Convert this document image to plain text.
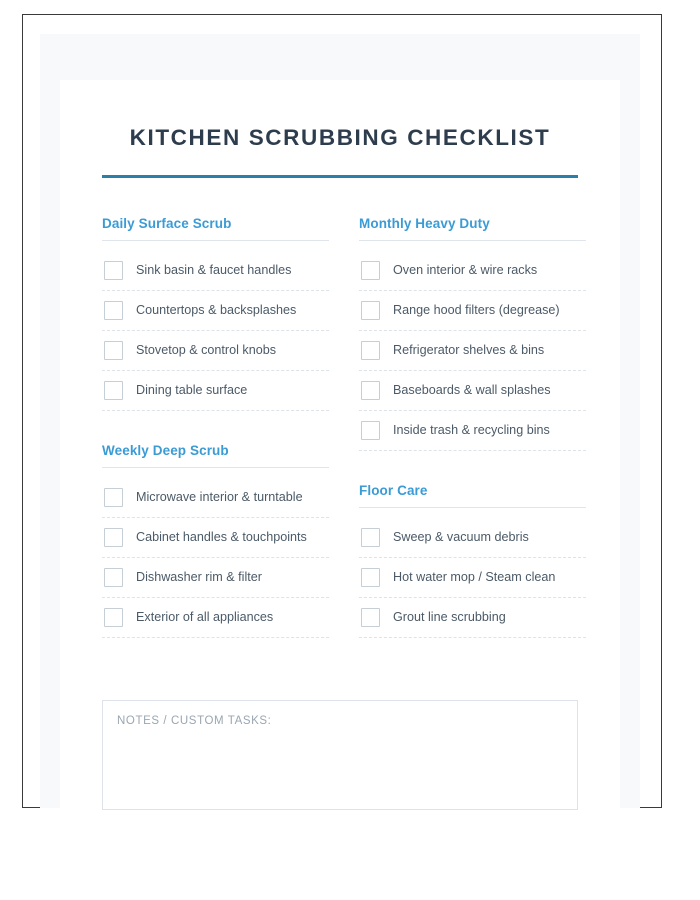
KITCHEN SCRUBBING CHECKLIST
Daily Surface Scrub
Sink basin & faucet handles
Countertops & backsplashes
Stovetop & control knobs
Dining table surface
Weekly Deep Scrub
Microwave interior & turntable
Cabinet handles & touchpoints
Dishwasher rim & filter
Exterior of all appliances
Monthly Heavy Duty
Oven interior & wire racks
Range hood filters (degrease)
Refrigerator shelves & bins
Baseboards & wall splashes
Inside trash & recycling bins
Floor Care
Sweep & vacuum debris
Hot water mop / Steam clean
Grout line scrubbing
NOTES / CUSTOM TASKS:
